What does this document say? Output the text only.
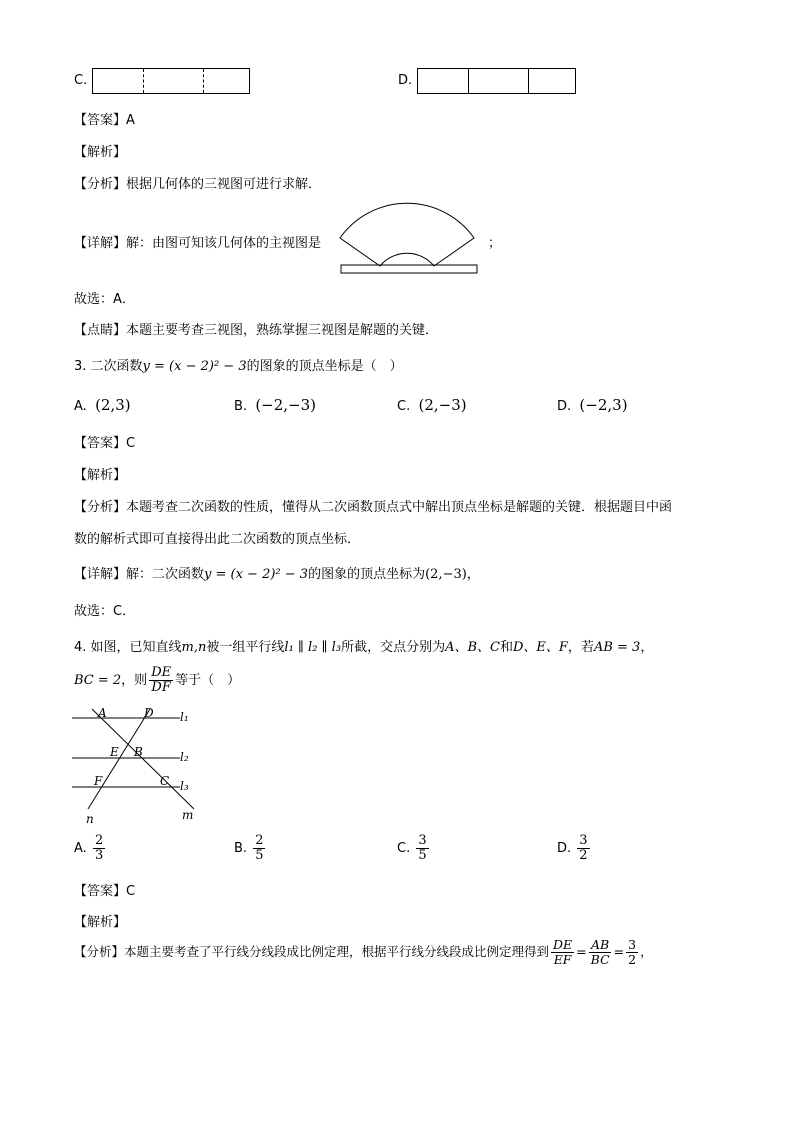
C.	D.
【答案】A
【解析】
【分析】根据几何体的三视图可进行求解．
【详解】解：由图可知该几何体的主视图是	；
故选：A．
【点睛】本题主要考查三视图，熟练掌握三视图是解题的关键．
3. 二次函数y = (x − 2)² − 3的图象的顶点坐标是（　）
A. (2,3)	B. (−2,−3)	C. (2,−3)	D. (−2,3)
【答案】C
【解析】
【分析】本题考查二次函数的性质，懂得从二次函数顶点式中解出顶点坐标是解题的关键．根据题目中函
数的解析式即可直接得出此二次函数的顶点坐标．
【详解】解：二次函数y = (x − 2)² − 3的图象的顶点坐标为(2,−3)，
故选：C．
4. 如图，已知直线m,n被一组平行线l₁ ∥ l₂ ∥ l₃所截，交点分别为A、B、C和D、E、F，若AB = 3，
BC = 2，则 $\frac{DE}{DF}$ 等于（　）
A	D l₁
E B	l₂
F	C l₃
m
n
A. $\frac{2}{3}$	B. $\frac{2}{5}$	C. $\frac{3}{5}$	D. $\frac{3}{2}$
【答案】C
【解析】
【分析】本题主要考查了平行线分线段成比例定理，根据平行线分线段成比例定理得到 $\frac{DE}{EF} = \frac{AB}{BC} = \frac{3}{2}$ ，
